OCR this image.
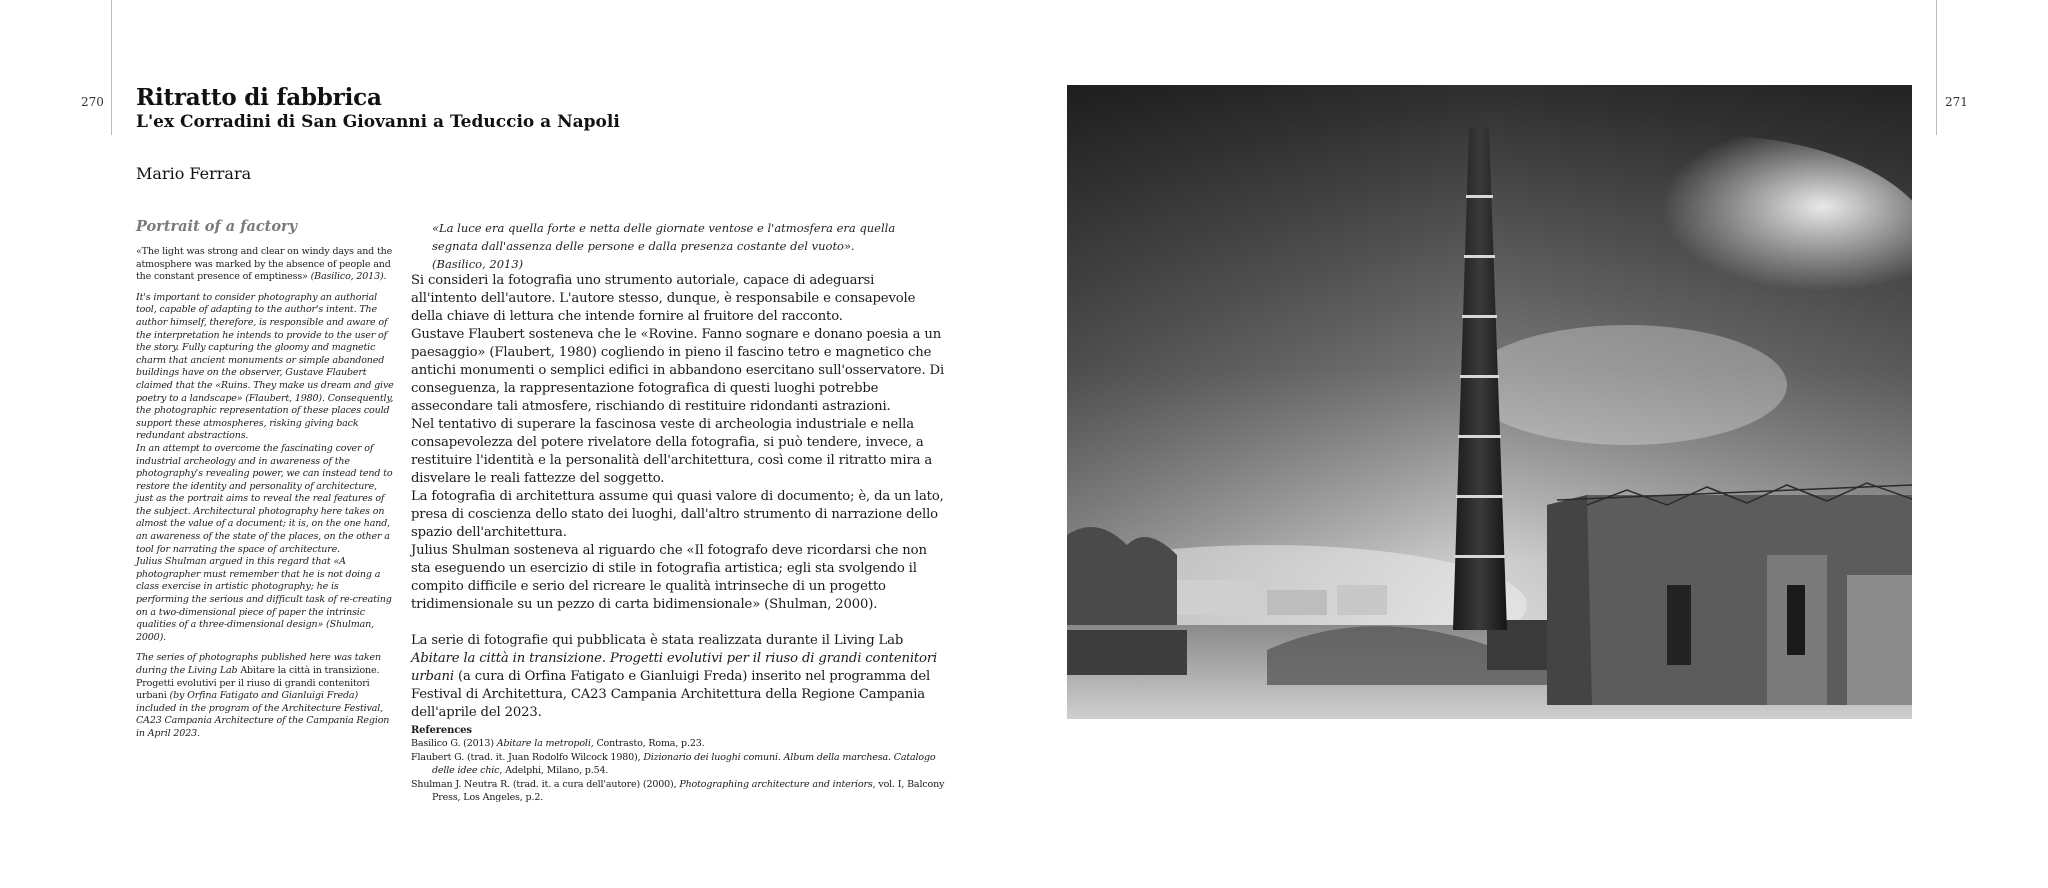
270	271
Ritratto di fabbrica
L'ex Corradini di San Giovanni a Teduccio a Napoli
Mario Ferrara
Portrait of a factory
«The light was strong and clear on windy days and the atmosphere was marked by the absence of people and the constant presence of emptiness» (Basilico, 2013).

It's important to consider photography an authorial tool, capable of adapting to the author's intent. The author himself, therefore, is responsible and aware of the interpretation he intends to provide to the user of the story. Fully capturing the gloomy and magnetic charm that ancient monuments or simple abandoned buildings have on the observer, Gustave Flaubert claimed that the «Ruins. They make us dream and give poetry to a landscape» (Flaubert, 1980). Consequently, the photographic representation of these places could support these atmospheres, risking giving back redundant abstractions.

In an attempt to overcome the fascinating cover of industrial archeology and in awareness of the photography's revealing power, we can instead tend to restore the identity and personality of architecture, just as the portrait aims to reveal the real features of the subject. Architectural photography here takes on almost the value of a document; it is, on the one hand, an awareness of the state of the places, on the other a tool for narrating the space of architecture.

Julius Shulman argued in this regard that «A photographer must remember that he is not doing a class exercise in artistic photography; he is performing the serious and difficult task of re-creating on a two-dimensional piece of paper the intrinsic qualities of a three-dimensional design» (Shulman, 2000).

The series of photographs published here was taken during the Living Lab Abitare la città in transizione. Progetti evolutivi per il riuso di grandi contenitori urbani (by Orfina Fatigato and Gianluigi Freda) included in the program of the Architecture Festival, CA23 Campania Architecture of the Campania Region in April 2023.
«La luce era quella forte e netta delle giornate ventose e l'atmosfera era quella segnata dall'assenza delle persone e dalla presenza costante del vuoto». (Basilico, 2013)

Si consideri la fotografia uno strumento autoriale, capace di adeguarsi all'intento dell'autore. L'autore stesso, dunque, è responsabile e consapevole della chiave di lettura che intende fornire al fruitore del racconto.

Gustave Flaubert sosteneva che le «Rovine. Fanno sognare e donano poesia a un paesaggio» (Flaubert, 1980) cogliendo in pieno il fascino tetro e magnetico che antichi monumenti o semplici edifici in abbandono esercitano sull'osservatore. Di conseguenza, la rappresentazione fotografica di questi luoghi potrebbe assecondare tali atmosfere, rischiando di restituire ridondanti astrazioni.

Nel tentativo di superare la fascinosa veste di archeologia industriale e nella consapevolezza del potere rivelatore della fotografia, si può tendere, invece, a restituire l'identità e la personalità dell'architettura, così come il ritratto mira a disvelare le reali fattezze del soggetto.

La fotografia di architettura assume qui quasi valore di documento; è, da un lato, presa di coscienza dello stato dei luoghi, dall'altro strumento di narrazione dello spazio dell'architettura.

Julius Shulman sosteneva al riguardo che «Il fotografo deve ricordarsi che non sta eseguendo un esercizio di stile in fotografia artistica; egli sta svolgendo il compito difficile e serio del ricreare le qualità intrinseche di un progetto tridimensionale su un pezzo di carta bidimensionale» (Shulman, 2000).

La serie di fotografie qui pubblicata è stata realizzata durante il Living Lab Abitare la città in transizione. Progetti evolutivi per il riuso di grandi contenitori urbani (a cura di Orfina Fatigato e Gianluigi Freda) inserito nel programma del Festival di Architettura, CA23 Campania Architettura della Regione Campania dell'aprile del 2023.

References
Basilico G. (2013) Abitare la metropoli, Contrasto, Roma, p.23.
Flaubert G. (trad. it. Juan Rodolfo Wilcock 1980), Dizionario dei luoghi comuni. Album della marchesa. Catalogo delle idee chic, Adelphi, Milano, p.54.
Shulman J. Neutra R. (trad. it. a cura dell'autore) (2000), Photographing architecture and interiors, vol. I, Balcony Press, Los Angeles, p.2.
